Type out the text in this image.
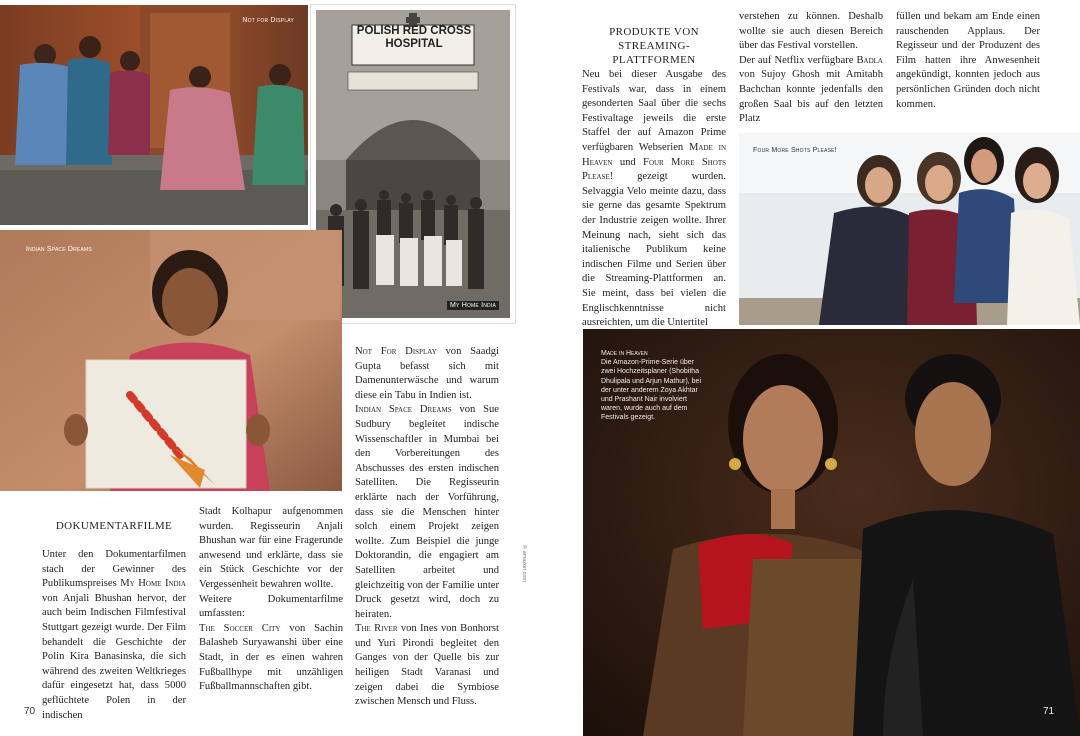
Not for Display
POLISH RED CROSS
HOSPITAL
My Home India
Indian Space Dreams
DOKUMENTARFILME

Unter den Dokumentarfilmen stach der Gewinner des Publikumspreises My Home India von Anjali Bhushan hervor, der auch beim Indischen Filmfestival Stuttgart gezeigt wurde. Der Film behandelt die Geschichte der Polin Kira Banasinska, die sich während des zweiten Weltkrieges dafür eingesetzt hat, dass 5000 geflüchtete Polen in der indischen

Stadt Kolhapur aufgenommen wurden. Regisseurin Anjali Bhushan war für eine Fragerunde anwesend und erklärte, dass sie ein Stück Geschichte vor der Vergessenheit bewahren wollte.

Weitere Dokumentarfilme umfassten:

The Soccer City von Sachin Balasheb Suryawanshi über eine Stadt, in der es einen wahren Fußballhype mit unzähligen Fußballmannschaften gibt.

Not For Display von Saadgi Gupta befasst sich mit Damenunterwäsche und warum diese ein Tabu in Indien ist.

Indian Space Dreams von Sue Sudbury begleitet indische Wissenschaftler in Mumbai bei den Vorbereitungen des Abschusses des ersten indischen Satelliten. Die Regisseurin erklärte nach der Vorführung, dass sie die Menschen hinter solch einem Projekt zeigen wollte. Zum Beispiel die junge Doktorandin, die engagiert am Satelliten arbeitet und gleichzeitig von der Familie unter Druck gesetzt wird, doch zu heiraten.

The River von Ines von Bonhorst und Yuri Pirondi begleitet den Ganges von der Quelle bis zur heiligen Stadt Varanasi und zeigen dabei die Symbiose zwischen Mensch und Fluss.

70
© amazon.com
PRODUKTE VON
STREAMING-PLATTFORMEN

Neu bei dieser Ausgabe des Festivals war, dass in einem gesonderten Saal über die sechs Festivaltage jeweils die erste Staffel der auf Amazon Prime verfügbaren Webserien Made in Heaven und Four More Shots Please! gezeigt wurden. Selvaggia Velo meinte dazu, dass sie gerne das gesamte Spektrum der Industrie zeigen wollte. Ihrer Meinung nach, sieht sich das italienische Publikum keine indischen Filme und Serien über die Streaming-Plattformen an. Sie meint, dass bei vielen die Englischkenntnisse nicht ausreichten, um die Untertitel

verstehen zu können. Deshalb wollte sie auch diesen Bereich über das Festival vorstellen.

Der auf Netflix verfügbare Badla von Sujoy Ghosh mit Amitabh Bachchan konnte jedenfalls den großen Saal bis auf den letzten Platz

füllen und bekam am Ende einen rauschenden Applaus. Der Regisseur und der Produzent des Film hatten ihre Anwesenheit angekündigt, konnten jedoch aus persönlichen Gründen doch nicht kommen.

Four More Shots Please!
Made in Heaven
Die Amazon-Prime-Serie über zwei Hochzeitsplaner (Shobitha Dhulipala und Arjun Mathur), bei der unter anderem Zoya Akhtar und Prashant Nair involviert waren, wurde auch auf dem Festivals gezeigt.
71
